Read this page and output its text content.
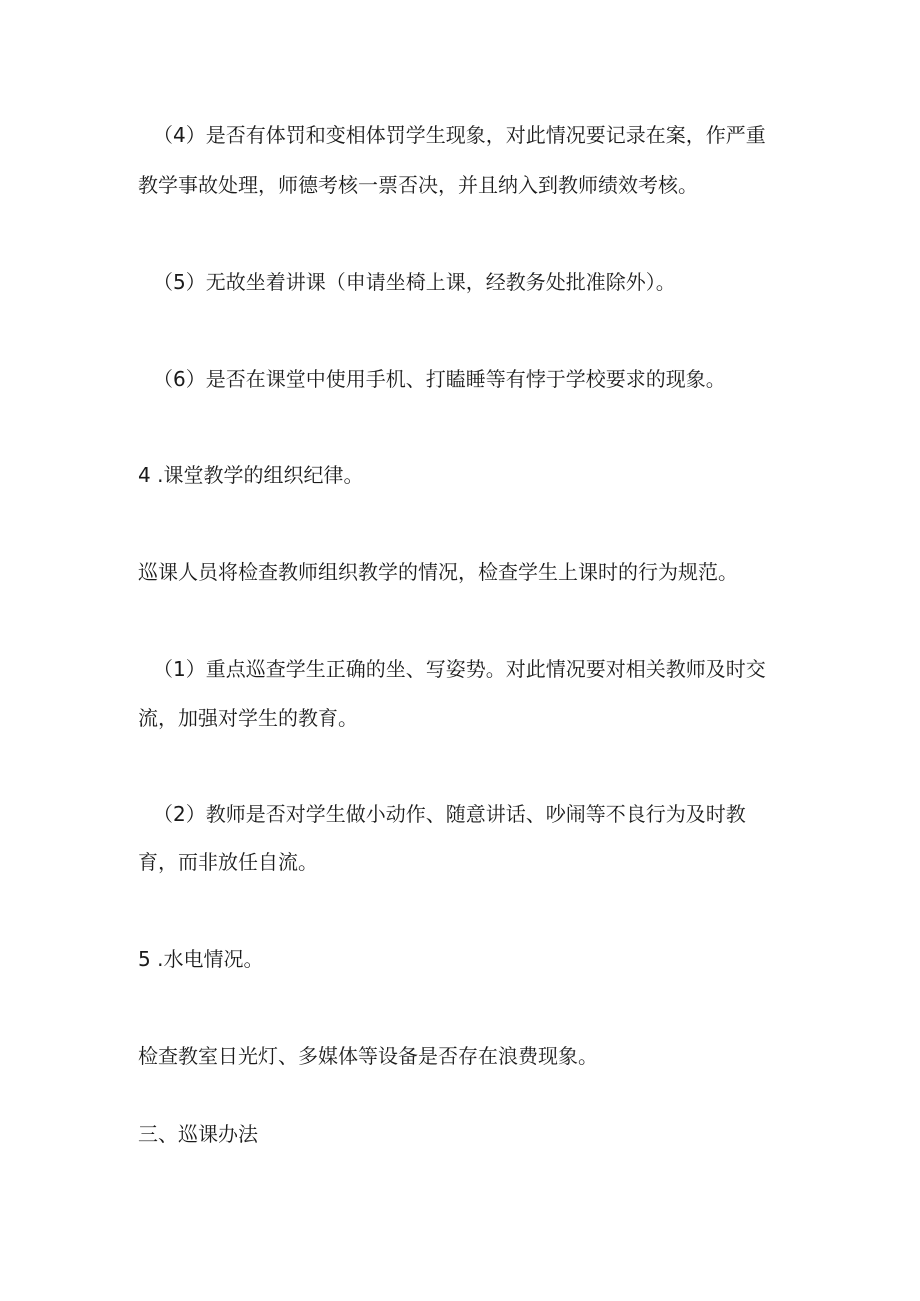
（4）是否有体罚和变相体罚学生现象，对此情况要记录在案，作严重

教学事故处理，师德考核一票否决，并且纳入到教师绩效考核。

（5）无故坐着讲课（申请坐椅上课，经教务处批准除外）。

（6）是否在课堂中使用手机、打瞌睡等有悖于学校要求的现象。

4 .课堂教学的组织纪律。

巡课人员将检查教师组织教学的情况，检查学生上课时的行为规范。

（1）重点巡查学生正确的坐、写姿势。对此情况要对相关教师及时交

流，加强对学生的教育。

（2）教师是否对学生做小动作、随意讲话、吵闹等不良行为及时教

育，而非放任自流。

5 .水电情况。

检查教室日光灯、多媒体等设备是否存在浪费现象。

三、巡课办法
